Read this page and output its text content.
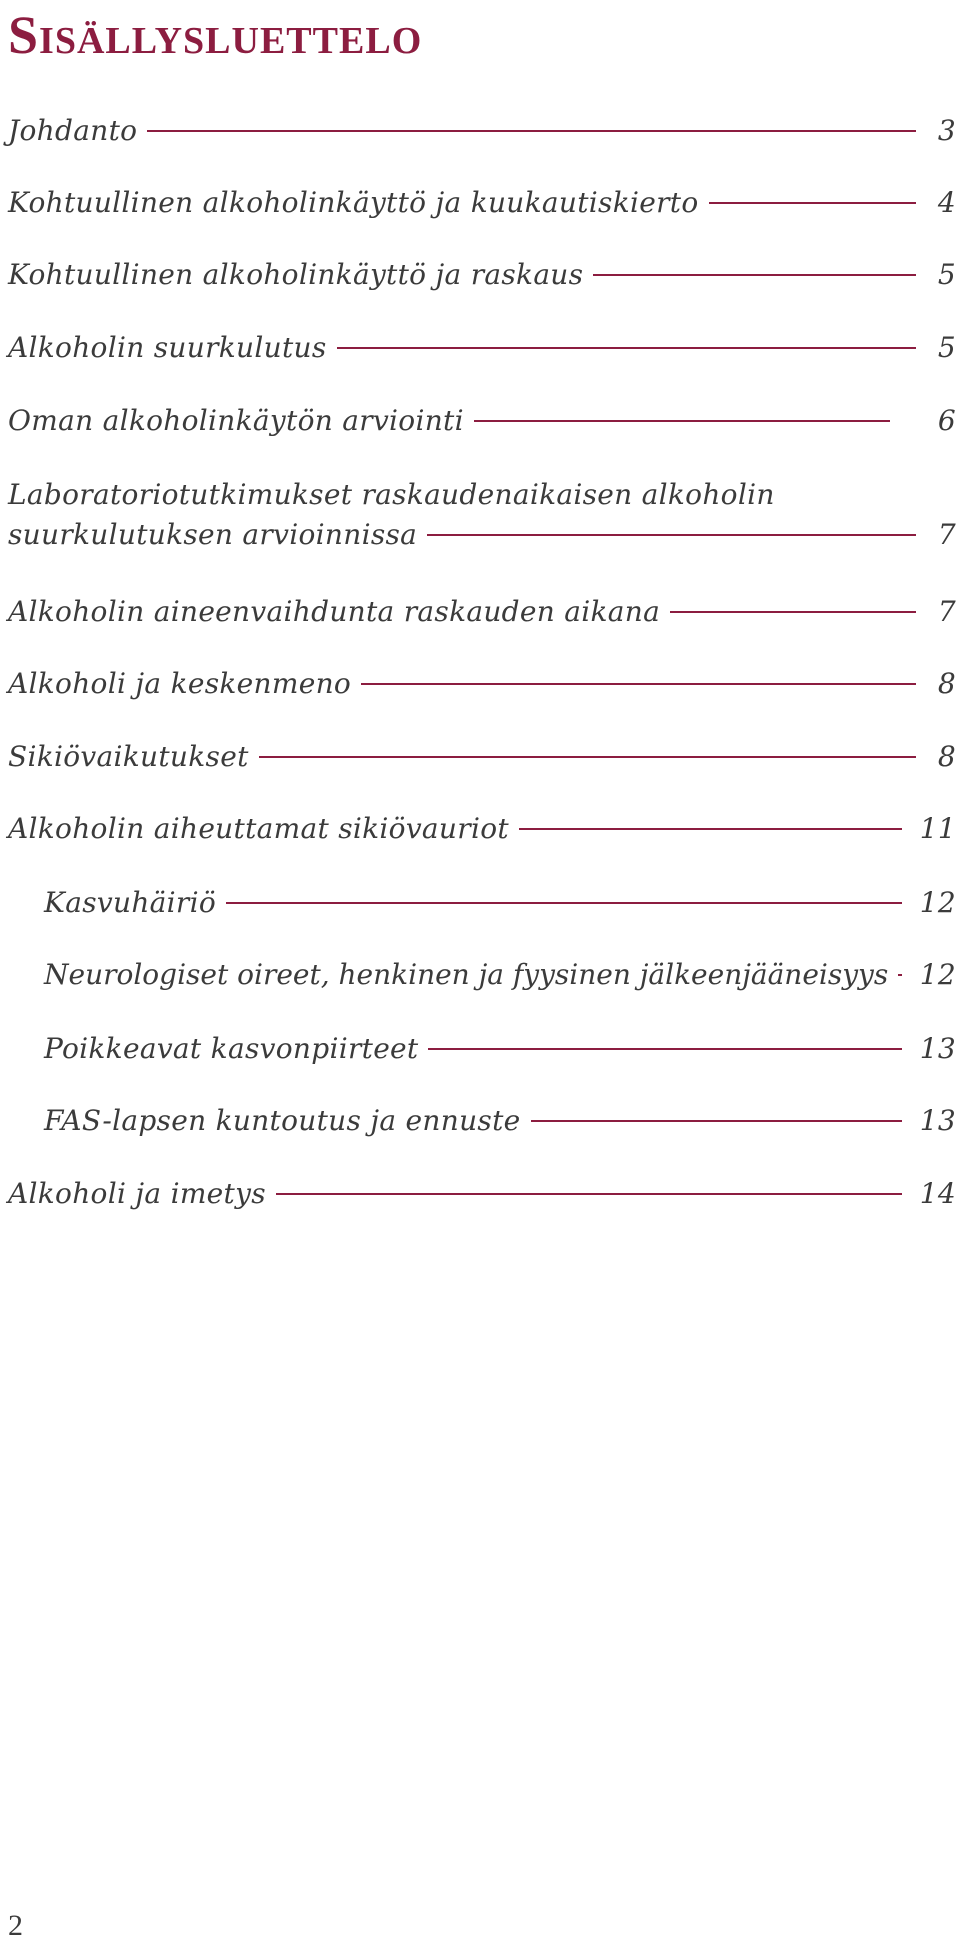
Sisällysluettelo
Johdanto	3
Kohtuullinen alkoholinkäyttö ja kuukautiskierto	4
Kohtuullinen alkoholinkäyttö ja raskaus	5
Alkoholin suurkulutus	5
Oman alkoholinkäytön arviointi	6
Laboratoriotutkimukset raskaudenaikaisen alkoholin
suurkulutuksen arvioinnissa	7
Alkoholin aineenvaihdunta raskauden aikana	7
Alkoholi ja keskenmeno	8
Sikiövaikutukset	8
Alkoholin aiheuttamat sikiövauriot	11
Kasvuhäiriö	12
Neurologiset oireet, henkinen ja fyysinen jälkeenjääneisyys 12
Poikkeavat kasvonpiirteet	13
FAS-lapsen kuntoutus ja ennuste	13
Alkoholi ja imetys	14
2
